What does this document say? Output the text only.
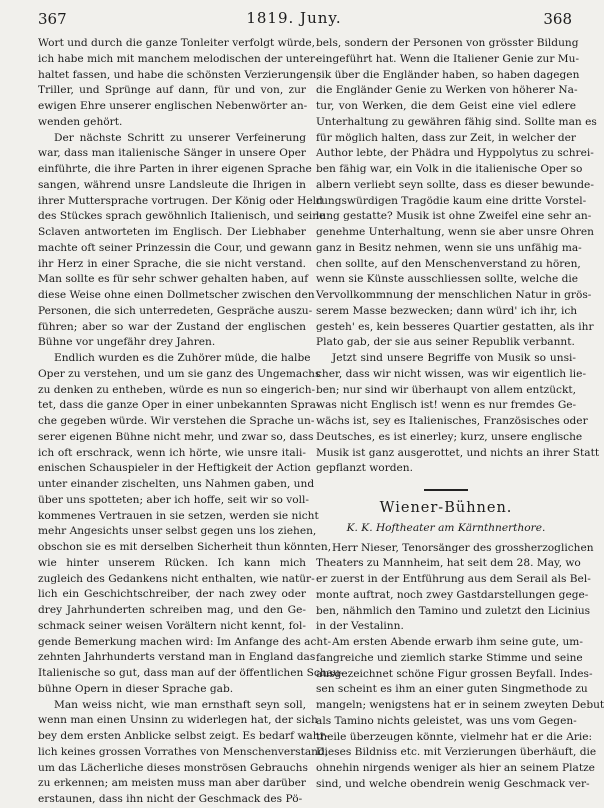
367	1819. Juny.	368

Wort und durch die ganze Tonleiter verfolgt würde,
ich habe mich mit manchem melodischen der unter-
haltet fassen, und habe die schönsten Verzierungen,
Triller, und Sprünge auf dann, für und von, zur
ewigen Ehre unserer englischen Nebenwörter an-
wenden gehört.

Der nächste Schritt zu unserer Verfeinerung
war, dass man italienische Sänger in unsere Oper
einführte, die ihre Parten in ihrer eigenen Sprache
sangen, während unsre Landsleute die Ihrigen in
ihrer Muttersprache vortrugen. Der König oder Held
des Stückes sprach gewöhnlich Italienisch, und seine
Sclaven antworteten im Englisch. Der Liebhaber
machte oft seiner Prinzessin die Cour, und gewann
ihr Herz in einer Sprache, die sie nicht verstand.
Man sollte es für sehr schwer gehalten haben, auf
diese Weise ohne einen Dollmetscher zwischen den
Personen, die sich unterredeten, Gespräche auszu-
führen; aber so war der Zustand der englischen
Bühne vor ungefähr drey Jahren.

Endlich wurden es die Zuhörer müde, die halbe
Oper zu verstehen, und um sie ganz des Ungemachs
zu denken zu entheben, würde es nun so eingerich-
tet, dass die ganze Oper in einer unbekannten Spra-
che gegeben würde. Wir verstehen die Sprache un-
serer eigenen Bühne nicht mehr, und zwar so, dass
ich oft erschrack, wenn ich hörte, wie unsre itali-
enischen Schauspieler in der Heftigkeit der Action
unter einander zischelten, uns Nahmen gaben, und
über uns spotteten; aber ich hoffe, seit wir so voll-
kommenes Vertrauen in sie setzen, werden sie nicht
mehr Angesichts unser selbst gegen uns los ziehen,
obschon sie es mit derselben Sicherheit thun könnten,
wie hinter unserem Rücken. Ich kann mich
zugleich des Gedankens nicht enthalten, wie natür-
lich ein Geschichtschreiber, der nach zwey oder
drey Jahrhunderten schreiben mag, und den Ge-
schmack seiner weisen Vorältern nicht kennt, fol-
gende Bemerkung machen wird: Im Anfange des acht-
zehnten Jahrhunderts verstand man in England das
Italienische so gut, dass man auf der öffentlichen Schau-
bühne Opern in dieser Sprache gab.

Man weiss nicht, wie man ernsthaft seyn soll,
wenn man einen Unsinn zu widerlegen hat, der sich
bey dem ersten Anblicke selbst zeigt. Es bedarf wahr-
lich keines grossen Vorrathes von Menschenverstand,
um das Lächerliche dieses monströsen Gebrauchs
zu erkennen; am meisten muss man aber darüber
erstaunen, dass ihn nicht der Geschmack des Pö-

bels, sondern der Personen von grösster Bildung
eingeführt hat. Wenn die Italiener Genie zur Mu-
sik über die Engländer haben, so haben dagegen
die Engländer Genie zu Werken von höherer Na-
tur, von Werken, die dem Geist eine viel edlere
Unterhaltung zu gewähren fähig sind. Sollte man es
für möglich halten, dass zur Zeit, in welcher der
Author lebte, der Phädra und Hyppolytus zu schrei-
ben fähig war, ein Volk in die italienische Oper so
albern verliebt seyn sollte, dass es dieser bewunde-
rungswürdigen Tragödie kaum eine dritte Vorstel-
lung gestatte? Musik ist ohne Zweifel eine sehr an-
genehme Unterhaltung, wenn sie aber unsre Ohren
ganz in Besitz nehmen, wenn sie uns unfähig ma-
chen sollte, auf den Menschenverstand zu hören,
wenn sie Künste ausschliessen sollte, welche die
Vervollkommnung der menschlichen Natur in grös-
serem Masse bezwecken; dann würd' ich ihr, ich
gesteh' es, kein besseres Quartier gestatten, als ihr
Plato gab, der sie aus seiner Republik verbannt.

Jetzt sind unsere Begriffe von Musik so unsi-
cher, dass wir nicht wissen, was wir eigentlich lie-
ben; nur sind wir überhaupt von allem entzückt,
was nicht Englisch ist! wenn es nur fremdes Ge-
wächs ist, sey es Italienisches, Französisches oder
Deutsches, es ist einerley; kurz, unsere englische
Musik ist ganz ausgerottet, und nichts an ihrer Statt
gepflanzt worden.

Wiener-Bühnen.
K. K. Hoftheater am Kärnthnerthore.

Herr Nieser, Tenorsänger des grossherzoglichen
Theaters zu Mannheim, hat seit dem 28. May, wo
er zuerst in der Entführung aus dem Serail als Bel-
monte auftrat, noch zwey Gastdarstellungen gege-
ben, nähmlich den Tamino und zuletzt den Licinius
in der Vestalinn.

Am ersten Abende erwarb ihm seine gute, um-
fangreiche und ziemlich starke Stimme und seine
ausgezeichnet schöne Figur grossen Beyfall. Indes-
sen scheint es ihm an einer guten Singmethode zu
mangeln; wenigstens hat er in seinem zweyten Debut
als Tamino nichts geleistet, was uns vom Gegen-
theile überzeugen könnte, vielmehr hat er die Arie:
Dieses Bildniss etc. mit Verzierungen überhäuft, die
ohnehin nirgends weniger als hier an seinem Platze
sind, und welche obendrein wenig Geschmack ver-
